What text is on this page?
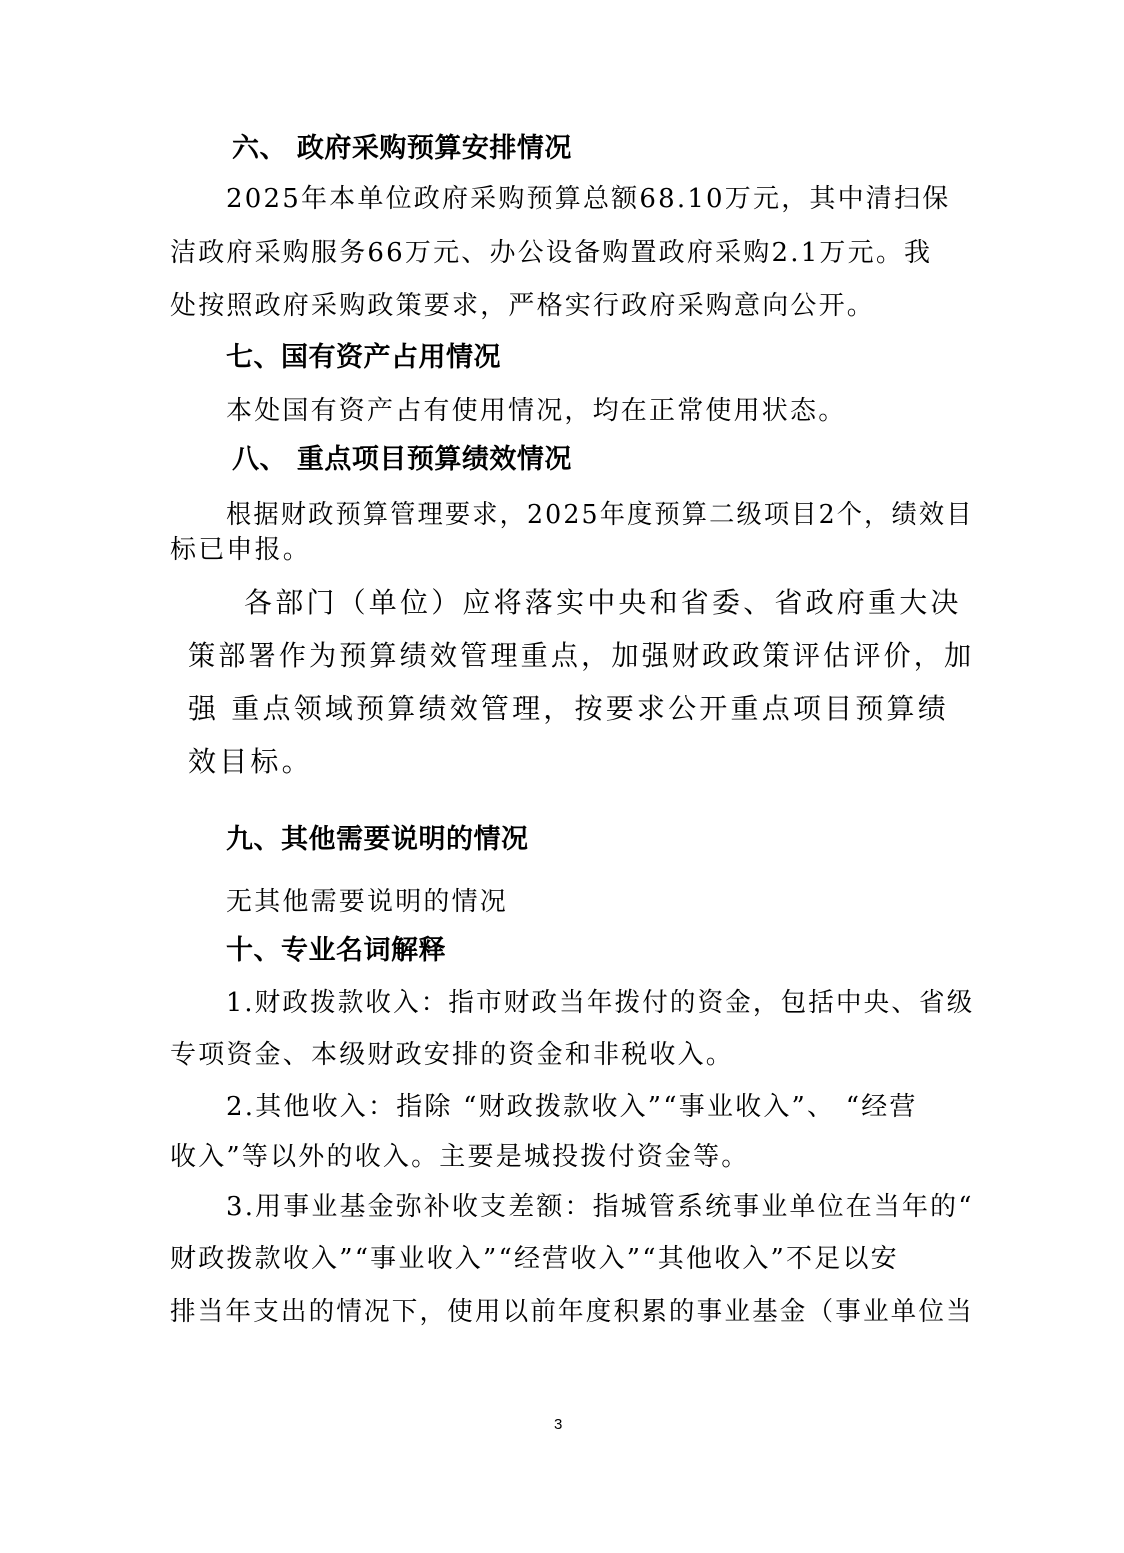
六、 政府采购预算安排情况
2025年本单位政府采购预算总额68.10万元，其中清扫保
洁政府采购服务66万元、办公设备购置政府采购2.1万元。我
处按照政府采购政策要求，严格实行政府采购意向公开。
七、国有资产占用情况
本处国有资产占有使用情况，均在正常使用状态。
八、 重点项目预算绩效情况
根据财政预算管理要求，2025年度预算二级项目2个，绩效目
标已申报。
各部门（单位）应将落实中央和省委、省政府重大决
策部署作为预算绩效管理重点，加强财政政策评估评价，加
强 重点领域预算绩效管理，按要求公开重点项目预算绩
效目标。
九、其他需要说明的情况
无其他需要说明的情况
十、专业名词解释
1.财政拨款收入：指市财政当年拨付的资金，包括中央、省级
专项资金、本级财政安排的资金和非税收入。
2.其他收入：指除 “财政拨款收入”“事业收入”、 “经营
收入”等以外的收入。主要是城投拨付资金等。
3.用事业基金弥补收支差额：指城管系统事业单位在当年的“
财政拨款收入”“事业收入”“经营收入”“其他收入”不足以安
排当年支出的情况下，使用以前年度积累的事业基金（事业单位当
3
